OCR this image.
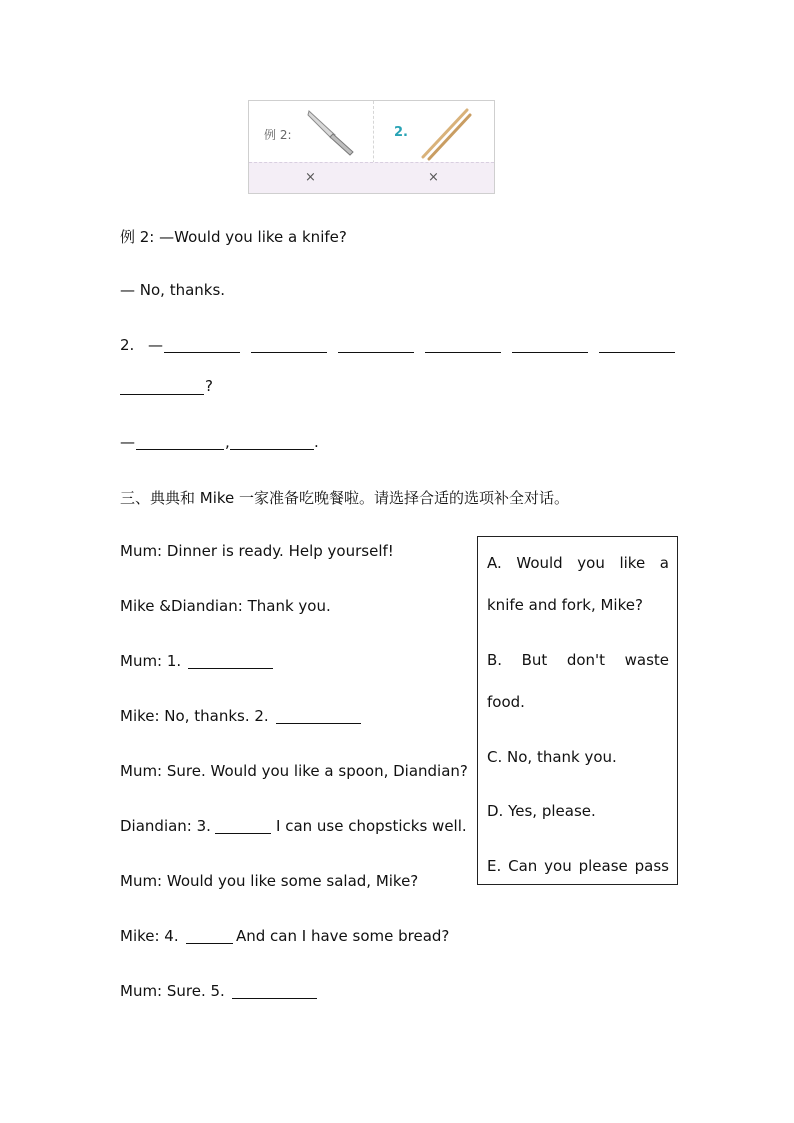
例 2:	2.
×	×
例 2: —Would you like a knife?
— No, thanks.
2. —
?
—	,	.
三、典典和 Mike 一家准备吃晚餐啦。请选择合适的选项补全对话。
Mum: Dinner is ready. Help yourself!
Mike &Diandian: Thank you.
Mum: 1.
Mike: No, thanks. 2.
Mum: Sure. Would you like a spoon, Diandian?
Diandian: 3.	I can use chopsticks well.
Mum: Would you like some salad, Mike?
Mike: 4.	And can I have some bread?
Mum: Sure. 5.
A. Would you like a
knife and fork, Mike?
B. But don't waste
food.
C. No, thank you.
D. Yes, please.
E. Can you please pass
